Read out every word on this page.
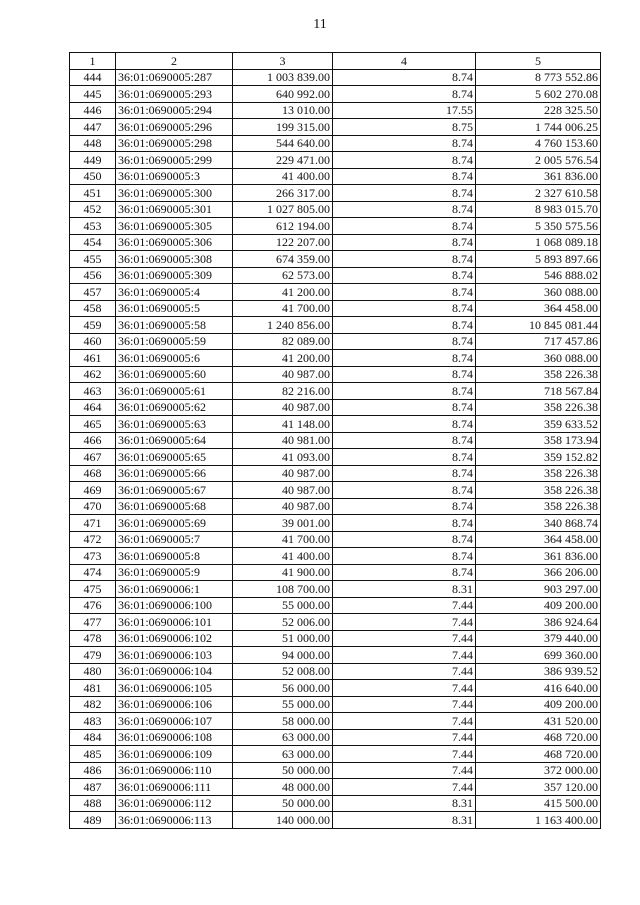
11
1	2	3	4	5
444	36:01:0690005:287	1 003 839.00	8.74	8 773 552.86
445	36:01:0690005:293	640 992.00	8.74	5 602 270.08
446	36:01:0690005:294	13 010.00	17.55	228 325.50
447	36:01:0690005:296	199 315.00	8.75	1 744 006.25
448	36:01:0690005:298	544 640.00	8.74	4 760 153.60
449	36:01:0690005:299	229 471.00	8.74	2 005 576.54
450	36:01:0690005:3	41 400.00	8.74	361 836.00
451	36:01:0690005:300	266 317.00	8.74	2 327 610.58
452	36:01:0690005:301	1 027 805.00	8.74	8 983 015.70
453	36:01:0690005:305	612 194.00	8.74	5 350 575.56
454	36:01:0690005:306	122 207.00	8.74	1 068 089.18
455	36:01:0690005:308	674 359.00	8.74	5 893 897.66
456	36:01:0690005:309	62 573.00	8.74	546 888.02
457	36:01:0690005:4	41 200.00	8.74	360 088.00
458	36:01:0690005:5	41 700.00	8.74	364 458.00
459	36:01:0690005:58	1 240 856.00	8.74	10 845 081.44
460	36:01:0690005:59	82 089.00	8.74	717 457.86
461	36:01:0690005:6	41 200.00	8.74	360 088.00
462	36:01:0690005:60	40 987.00	8.74	358 226.38
463	36:01:0690005:61	82 216.00	8.74	718 567.84
464	36:01:0690005:62	40 987.00	8.74	358 226.38
465	36:01:0690005:63	41 148.00	8.74	359 633.52
466	36:01:0690005:64	40 981.00	8.74	358 173.94
467	36:01:0690005:65	41 093.00	8.74	359 152.82
468	36:01:0690005:66	40 987.00	8.74	358 226.38
469	36:01:0690005:67	40 987.00	8.74	358 226.38
470	36:01:0690005:68	40 987.00	8.74	358 226.38
471	36:01:0690005:69	39 001.00	8.74	340 868.74
472	36:01:0690005:7	41 700.00	8.74	364 458.00
473	36:01:0690005:8	41 400.00	8.74	361 836.00
474	36:01:0690005:9	41 900.00	8.74	366 206.00
475	36:01:0690006:1	108 700.00	8.31	903 297.00
476	36:01:0690006:100	55 000.00	7.44	409 200.00
477	36:01:0690006:101	52 006.00	7.44	386 924.64
478	36:01:0690006:102	51 000.00	7.44	379 440.00
479	36:01:0690006:103	94 000.00	7.44	699 360.00
480	36:01:0690006:104	52 008.00	7.44	386 939.52
481	36:01:0690006:105	56 000.00	7.44	416 640.00
482	36:01:0690006:106	55 000.00	7.44	409 200.00
483	36:01:0690006:107	58 000.00	7.44	431 520.00
484	36:01:0690006:108	63 000.00	7.44	468 720.00
485	36:01:0690006:109	63 000.00	7.44	468 720.00
486	36:01:0690006:110	50 000.00	7.44	372 000.00
487	36:01:0690006:111	48 000.00	7.44	357 120.00
488	36:01:0690006:112	50 000.00	8.31	415 500.00
489	36:01:0690006:113	140 000.00	8.31	1 163 400.00
